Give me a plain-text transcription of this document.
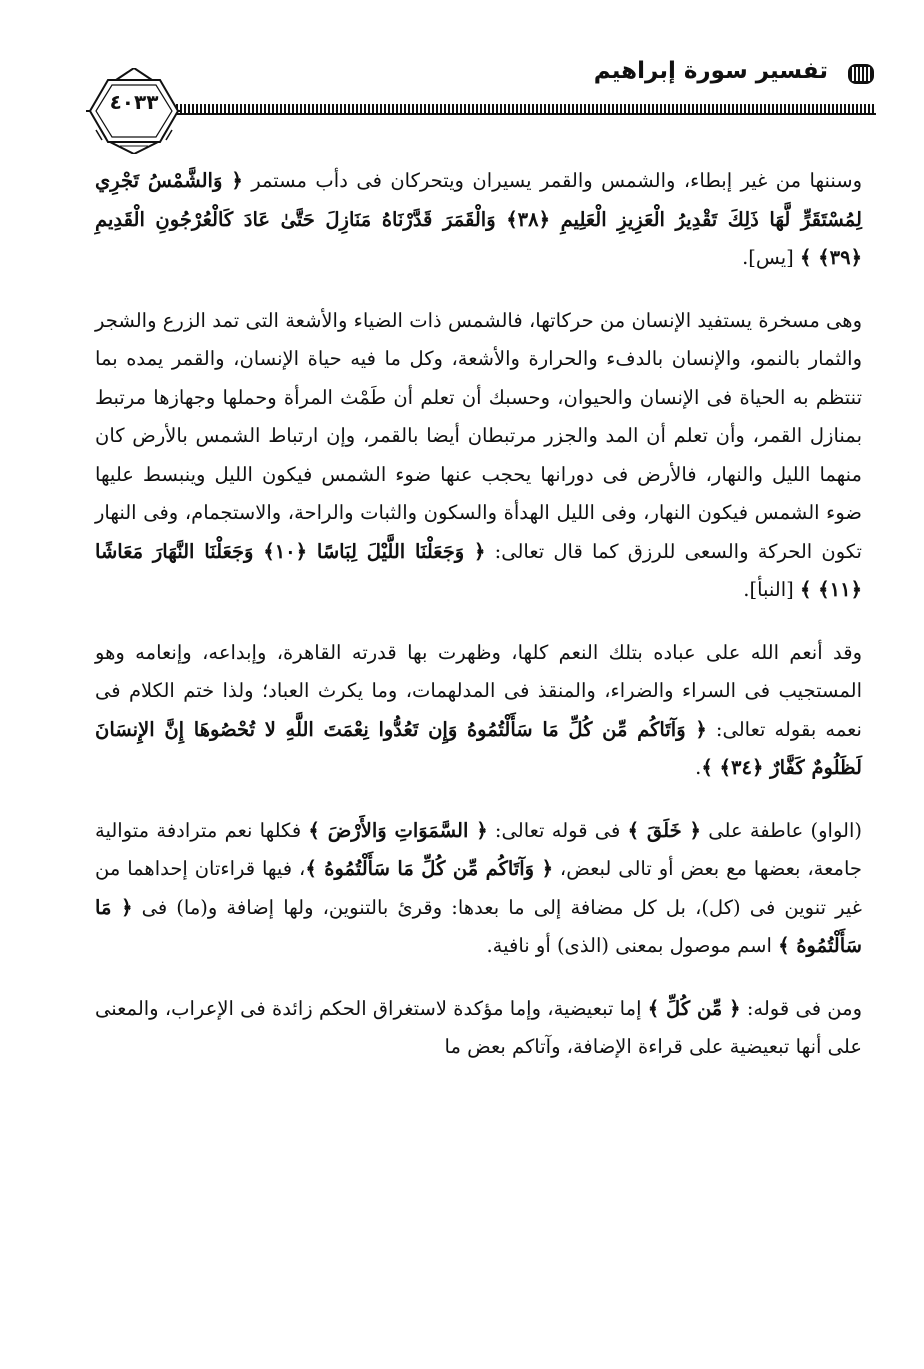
تفسير سورة إبراهيم
٤٠٣٣

وسننها من غير إبطاء، والشمس والقمر يسيران ويتحركان فى دأب مستمر ﴿ وَالشَّمْسُ تَجْرِي لِمُسْتَقَرٍّ لَّهَا ذَلِكَ تَقْدِيرُ الْعَزِيزِ الْعَلِيمِ ﴿٣٨﴾ وَالْقَمَرَ قَدَّرْنَاهُ مَنَازِلَ حَتَّىٰ عَادَ كَالْعُرْجُونِ الْقَدِيمِ ﴿٣٩﴾ ﴾ [يس].

وهى مسخرة يستفيد الإنسان من حركاتها، فالشمس ذات الضياء والأشعة التى تمد الزرع والشجر والثمار بالنمو، والإنسان بالدفء والحرارة والأشعة، وكل ما فيه حياة الإنسان، والقمر يمده بما تنتظم به الحياة فى الإنسان والحيوان، وحسبك أن تعلم أن طَمْث المرأة وحملها وجهازها مرتبط بمنازل القمر، وأن تعلم أن المد والجزر مرتبطان أيضا بالقمر، وإن ارتباط الشمس بالأرض كان منهما الليل والنهار، فالأرض فى دورانها يحجب عنها ضوء الشمس فيكون الليل وينبسط عليها ضوء الشمس فيكون النهار، وفى الليل الهدأة والسكون والثبات والراحة، والاستجمام، وفى النهار تكون الحركة والسعى للرزق كما قال تعالى: ﴿ وَجَعَلْنَا اللَّيْلَ لِبَاسًا ﴿١٠﴾ وَجَعَلْنَا النَّهَارَ مَعَاشًا ﴿١١﴾ ﴾ [النبأ].

وقد أنعم الله على عباده بتلك النعم كلها، وظهرت بها قدرته القاهرة، وإبداعه، وإنعامه وهو المستجيب فى السراء والضراء، والمنقذ فى المدلهمات، وما يكرث العباد؛ ولذا ختم الكلام فى نعمه بقوله تعالى: ﴿ وَآتَاكُم مِّن كُلِّ مَا سَأَلْتُمُوهُ وَإِن تَعُدُّوا نِعْمَتَ اللَّهِ لا تُحْصُوهَا إِنَّ الإِنسَانَ لَظَلُومٌ كَفَّارٌ ﴿٣٤﴾ ﴾.

(الواو) عاطفة على ﴿ خَلَقَ ﴾ فى قوله تعالى: ﴿ السَّمَوَاتِ وَالأَرْضَ ﴾ فكلها نعم مترادفة متوالية جامعة، بعضها مع بعض أو تالى لبعض، ﴿ وَآتَاكُم مِّن كُلِّ مَا سَأَلْتُمُوهُ ﴾، فيها قراءتان إحداهما من غير تنوين فى (كل)، بل كل مضافة إلى ما بعدها: وقرئ بالتنوين، ولها إضافة و(ما) فى ﴿ مَا سَأَلْتُمُوهُ ﴾ اسم موصول بمعنى (الذى) أو نافية.

ومن فى قوله: ﴿ مِّن كُلِّ ﴾ إما تبعيضية، وإما مؤكدة لاستغراق الحكم زائدة فى الإعراب، والمعنى على أنها تبعيضية على قراءة الإضافة، وآتاكم بعض ما
